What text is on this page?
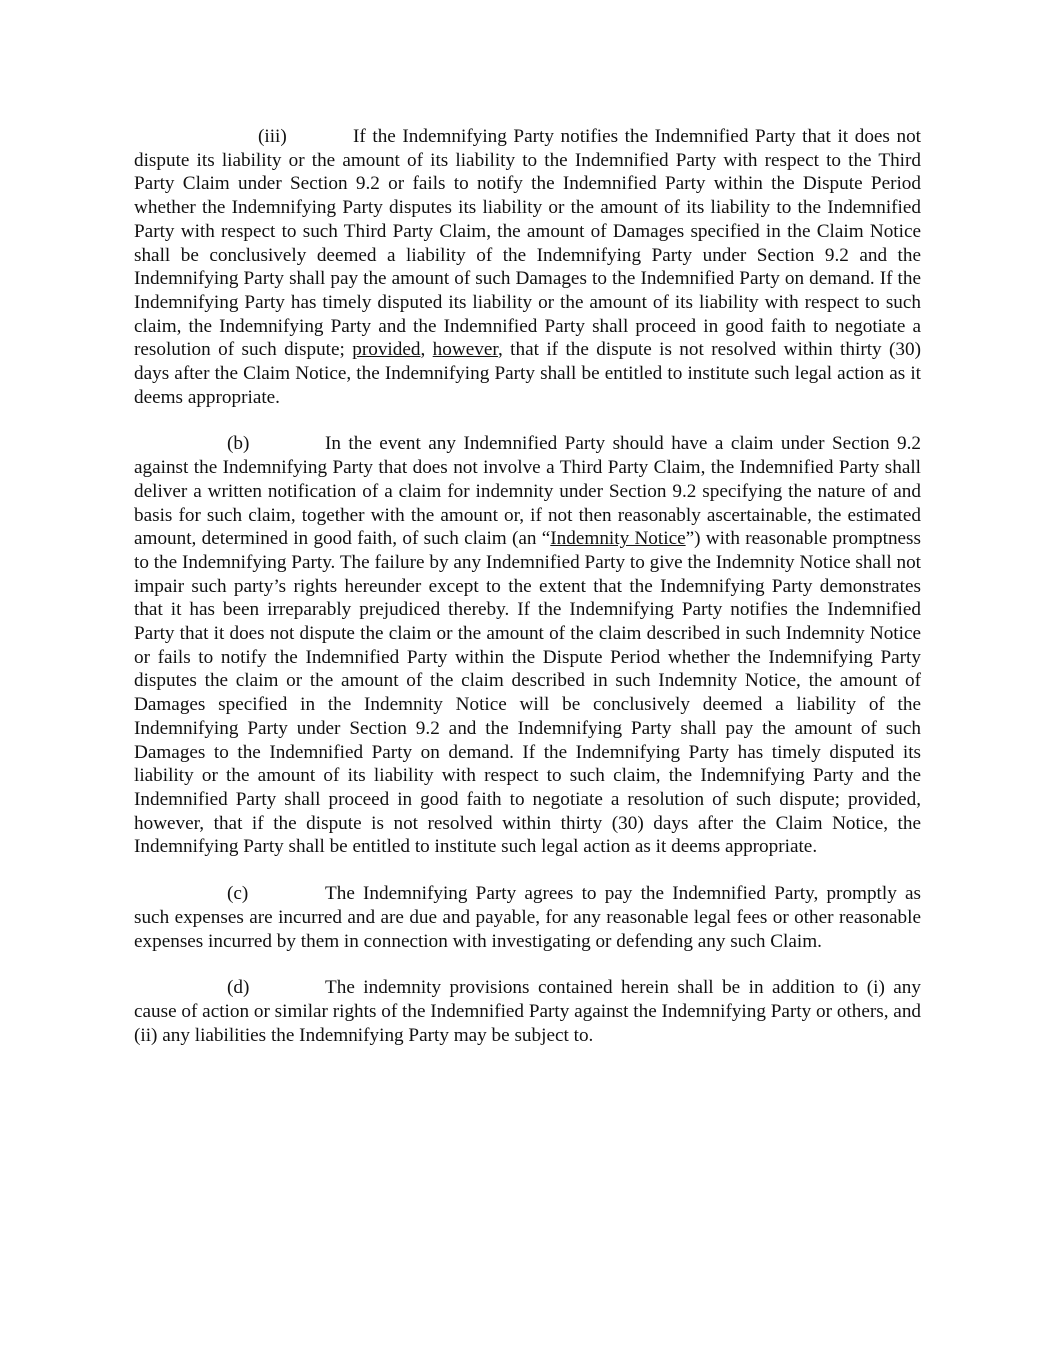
(iii)	If the Indemnifying Party notifies the Indemnified Party that it does not dispute its liability or the amount of its liability to the Indemnified Party with respect to the Third Party Claim under Section 9.2 or fails to notify the Indemnified Party within the Dispute Period whether the Indemnifying Party disputes its liability or the amount of its liability to the Indemnified Party with respect to such Third Party Claim, the amount of Damages specified in the Claim Notice shall be conclusively deemed a liability of the Indemnifying Party under Section 9.2 and the Indemnifying Party shall pay the amount of such Damages to the Indemnified Party on demand. If the Indemnifying Party has timely disputed its liability or the amount of its liability with respect to such claim, the Indemnifying Party and the Indemnified Party shall proceed in good faith to negotiate a resolution of such dispute; provided, however, that if the dispute is not resolved within thirty (30) days after the Claim Notice, the Indemnifying Party shall be entitled to institute such legal action as it deems appropriate.

(b)	In the event any Indemnified Party should have a claim under Section 9.2 against the Indemnifying Party that does not involve a Third Party Claim, the Indemnified Party shall deliver a written notification of a claim for indemnity under Section 9.2 specifying the nature of and basis for such claim, together with the amount or, if not then reasonably ascertainable, the estimated amount, determined in good faith, of such claim (an “Indemnity Notice”) with reasonable promptness to the Indemnifying Party. The failure by any Indemnified Party to give the Indemnity Notice shall not impair such party’s rights hereunder except to the extent that the Indemnifying Party demonstrates that it has been irreparably prejudiced thereby. If the Indemnifying Party notifies the Indemnified Party that it does not dispute the claim or the amount of the claim described in such Indemnity Notice or fails to notify the Indemnified Party within the Dispute Period whether the Indemnifying Party disputes the claim or the amount of the claim described in such Indemnity Notice, the amount of Damages specified in the Indemnity Notice will be conclusively deemed a liability of the Indemnifying Party under Section 9.2 and the Indemnifying Party shall pay the amount of such Damages to the Indemnified Party on demand. If the Indemnifying Party has timely disputed its liability or the amount of its liability with respect to such claim, the Indemnifying Party and the Indemnified Party shall proceed in good faith to negotiate a resolution of such dispute; provided, however, that if the dispute is not resolved within thirty (30) days after the Claim Notice, the Indemnifying Party shall be entitled to institute such legal action as it deems appropriate.

(c)	The Indemnifying Party agrees to pay the Indemnified Party, promptly as such expenses are incurred and are due and payable, for any reasonable legal fees or other reasonable expenses incurred by them in connection with investigating or defending any such Claim.

(d)	The indemnity provisions contained herein shall be in addition to (i) any cause of action or similar rights of the Indemnified Party against the Indemnifying Party or others, and (ii) any liabilities the Indemnifying Party may be subject to.
